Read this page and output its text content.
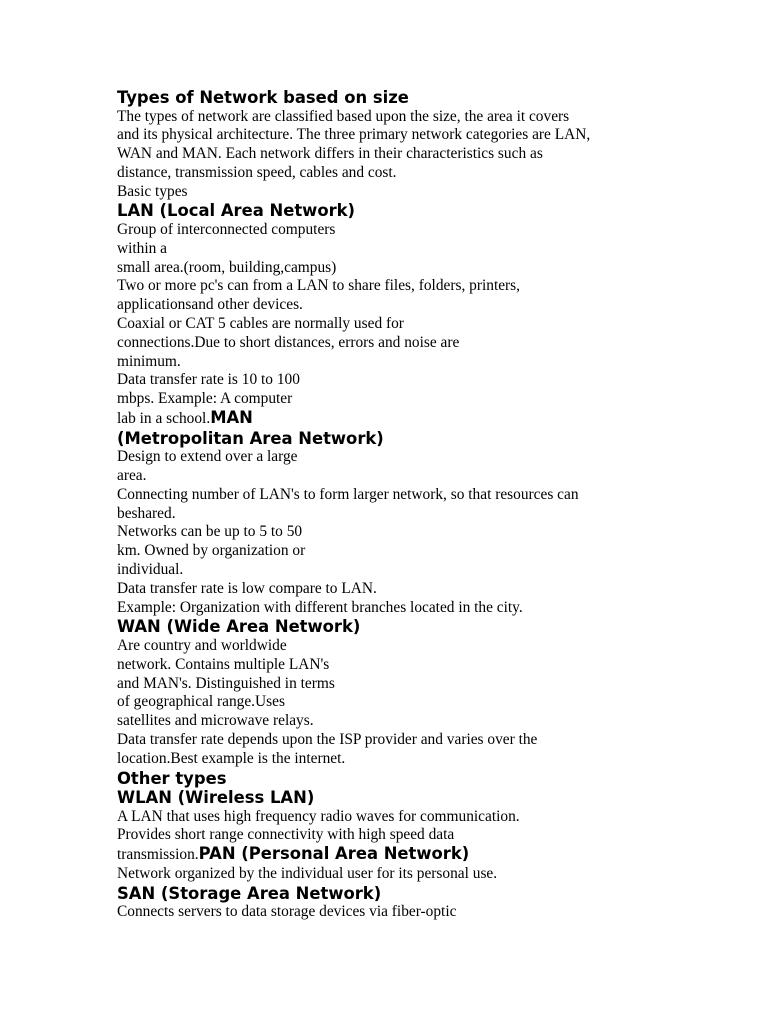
Types of Network based on size
The types of network are classified based upon the size, the area it covers
and its physical architecture. The three primary network categories are LAN,
WAN and MAN. Each network differs in their characteristics such as
distance, transmission speed, cables and cost.
Basic types
LAN (Local Area Network)
Group of interconnected computers
within a
small area.(room, building,campus)
Two or more pc's can from a LAN to share files, folders, printers,
applicationsand other devices.
Coaxial or CAT 5 cables are normally used for
connections.Due to short distances, errors and noise are
minimum.
Data transfer rate is 10 to 100
mbps. Example: A computer
lab in a school.MAN
(Metropolitan Area Network)
Design to extend over a large
area.
Connecting number of LAN's to form larger network, so that resources can
beshared.
Networks can be up to 5 to 50
km. Owned by organization or
individual.
Data transfer rate is low compare to LAN.
Example: Organization with different branches located in the city.
WAN (Wide Area Network)
Are country and worldwide
network. Contains multiple LAN's
and MAN's. Distinguished in terms
of geographical range.Uses
satellites and microwave relays.
Data transfer rate depends upon the ISP provider and varies over the
location.Best example is the internet.
Other types
WLAN (Wireless LAN)
A LAN that uses high frequency radio waves for communication.
Provides short range connectivity with high speed data
transmission.PAN (Personal Area Network)
Network organized by the individual user for its personal use.
SAN (Storage Area Network)
Connects servers to data storage devices via fiber-optic
